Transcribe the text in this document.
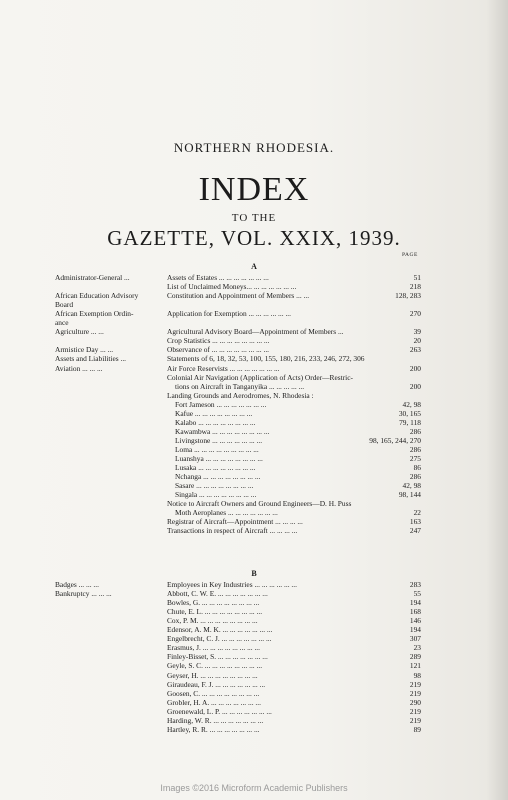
NORTHERN RHODESIA.
INDEX
TO THE
GAZETTE, VOL. XXIX, 1939.
PAGE
A
Administrator-General ...	Assets of Estates ... ... ... ... ... ... ...	51
List of Unclaimed Moneys... ... ... ... ... ... ...	218
African Education Advisory	Constitution and Appointment of Members ... ...	128, 283
Board
African Exemption Ordin-	Application for Exemption ... ... ... ... ... ...	270
ance
Agriculture ... ...	Agricultural Advisory Board—Appointment of Members ...	39
Crop Statistics ... ... ... ... ... ... ... ...	20
Armistice Day ... ...	Observance of ... ... ... ... ... ... ... ...	263
Assets and Liabilities ...	Statements of 6, 18, 32, 53, 100, 155, 180, 216, 233, 246, 272, 306
Aviation ... ... ...	Air Force Reservists ... ... ... ... ... ... ...	200
Colonial Air Navigation (Application of Acts) Order—Restric-
tions on Aircraft in Tanganyika ... ... ... ... ...	200
Landing Grounds and Aerodromes, N. Rhodesia :
Fort Jameson ... ... ... ... ... ... ...	42, 98
Kafue ... ... ... ... ... ... ... ...	30, 165
Kalabo ... ... ... ... ... ... ... ...	79, 118
Kawambwa ... ... ... ... ... ... ... ...	286
Livingstone ... ... ... ... ... ... ...	98, 165, 244, 270
Loma ... ... ... ... ... ... ... ... ...	286
Luanshya ... ... ... ... ... ... ... ...	275
Lusaka ... ... ... ... ... ... ... ...	86
Nchanga ... ... ... ... ... ... ... ...	286
Sasare ... ... ... ... ... ... ... ...	42, 98
Singala ... ... ... ... ... ... ... ...	98, 144
Notice to Aircraft Owners and Ground Engineers—D. H. Puss
Moth Aeroplanes ... ... ... ... ... ... ...	22
Registrar of Aircraft—Appointment ... ... ... ...	163
Transactions in respect of Aircraft ... ... ... ...	247
B
Badges ... ... ...	Employees in Key Industries ... ... ... ... ... ...	283
Bankruptcy ... ... ...	Abbott, C. W. E. ... ... ... ... ... ... ...	55
Bowles, G. ... ... ... ... ... ... ... ...	194
Chute, E. L. ... ... ... ... ... ... ... ...	168
Cox, P. M. ... ... ... ... ... ... ... ...	146
Edensor, A. M. K. ... ... ... ... ... ... ...	194
Engelbrecht, C. J. ... ... ... ... ... ... ...	307
Erasmus, J. ... ... ... ... ... ... ... ...	23
Finley-Bisset, S. ... ... ... ... ... ... ...	289
Geyle, S. C. ... ... ... ... ... ... ... ...	121
Geyser, H. ... ... ... ... ... ... ... ...	98
Giraudeau, F. J. ... ... ... ... ... ... ...	219
Goosen, C. ... ... ... ... ... ... ... ...	219
Grobler, H. A. ... ... ... ... ... ... ...	290
Groenewald, L. P. ... ... ... ... ... ... ...	219
Harding, W. R. ... ... ... ... ... ... ...	219
Hartley, R. R. ... ... ... ... ... ... ...	89
Images ©2016 Microform Academic Publishers
